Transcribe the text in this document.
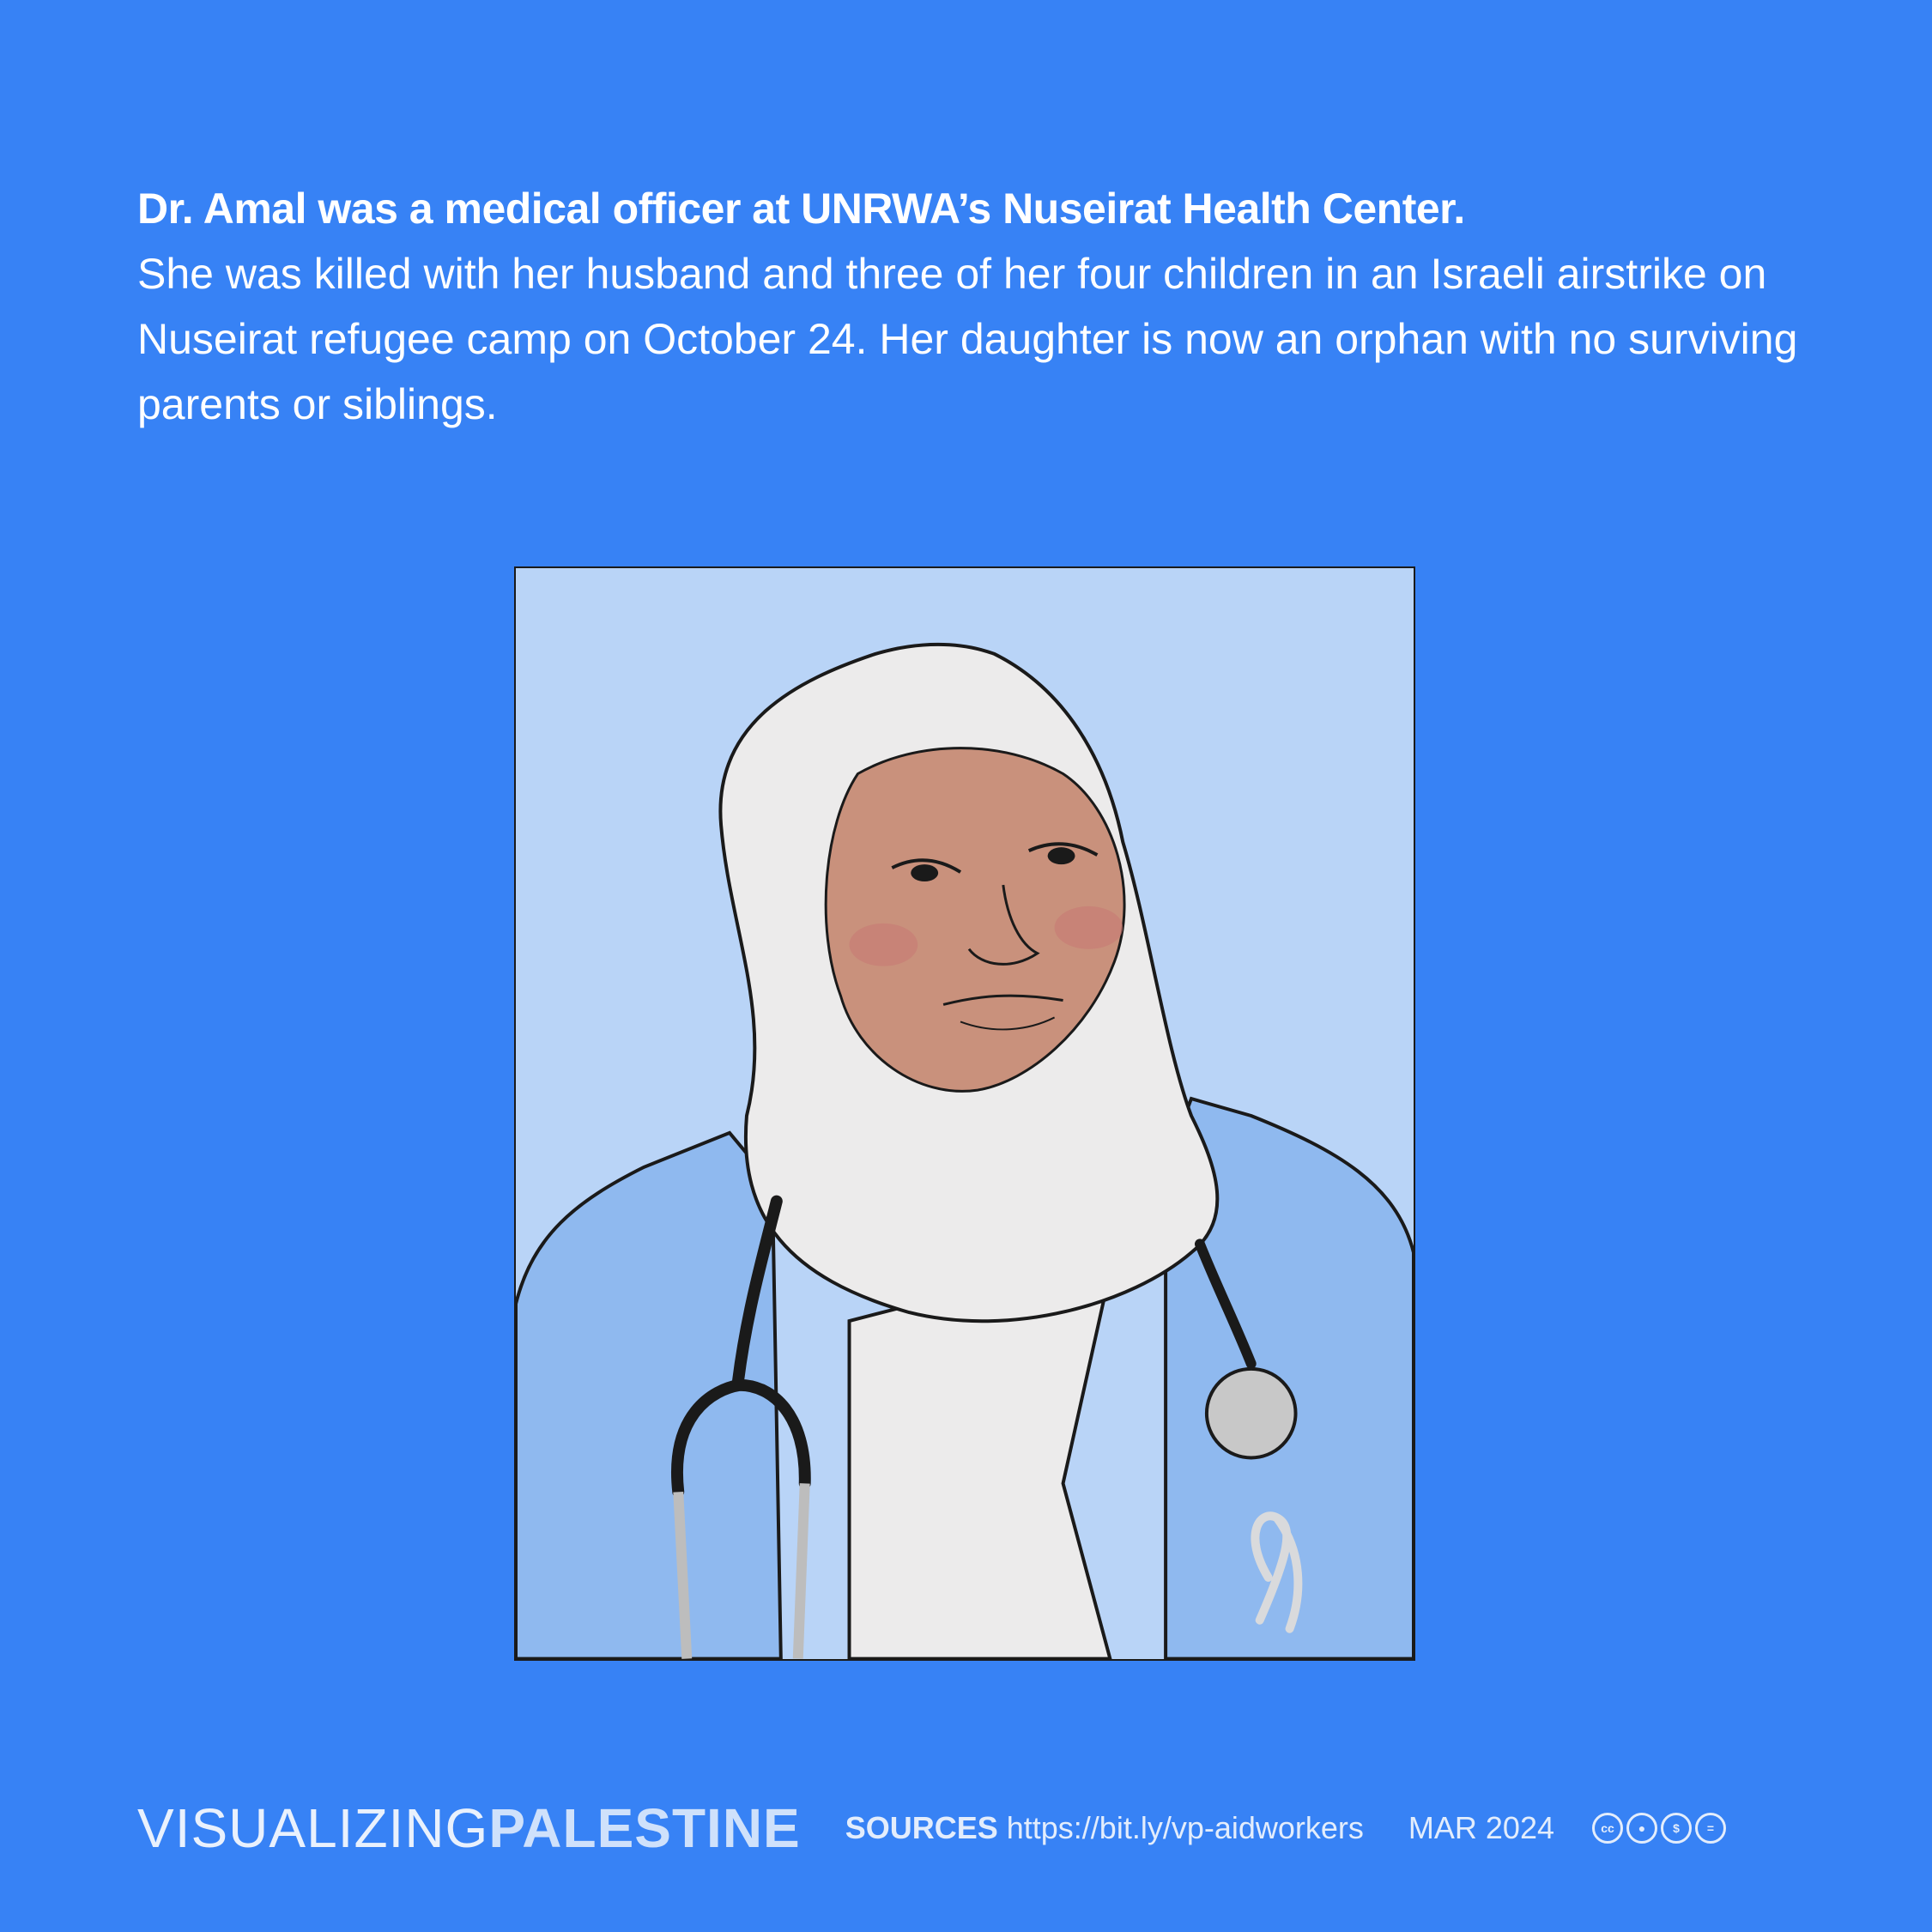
Dr. Amal was a medical officer at UNRWA’s Nuseirat Health Center.
She was killed with her husband and three of her four children in an Israeli airstrike on Nuseirat refugee camp on October 24. Her daughter is now an orphan with no surviving parents or siblings.
VISUALIZINGPALESTINE SOURCES https://bit.ly/vp-aidworkers MAR 2024	cc	●	$	=
